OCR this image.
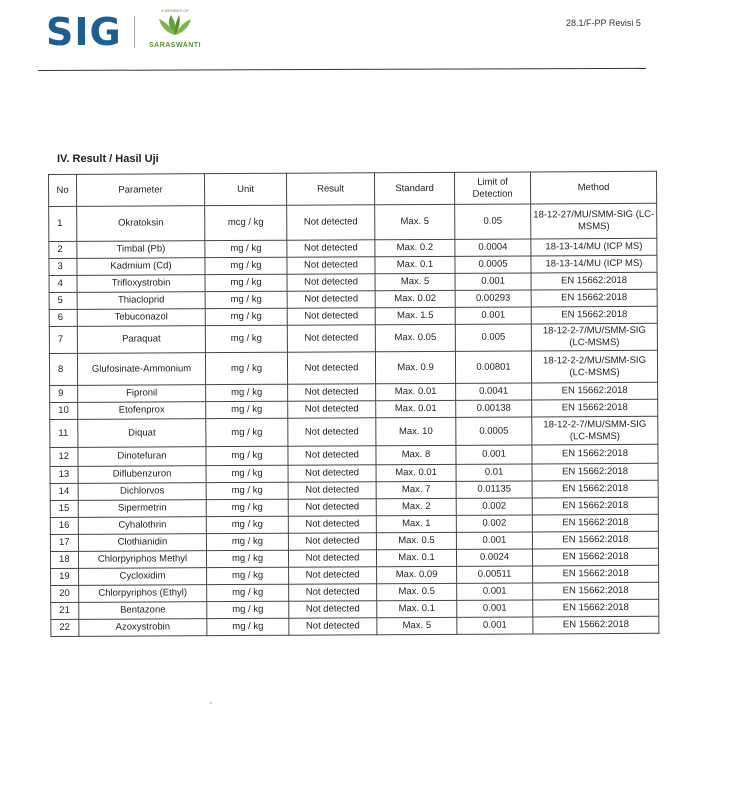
SIG	A MEMBER OF
SARASWANTI
28.1/F-PP Revisi 5
IV. Result / Hasil Uji
No	Parameter	Unit	Result	Standard	Limit of Detection	Method
1	Okratoksin	mcg / kg	Not detected	Max. 5	0.05	18-12-27/MU/SMM-SIG (LC-MSMS)
2	Timbal (Pb)	mg / kg	Not detected	Max. 0.2	0.0004	18-13-14/MU (ICP MS)
3	Kadmium (Cd)	mg / kg	Not detected	Max. 0.1	0.0005	18-13-14/MU (ICP MS)
4	Trifloxystrobin	mg / kg	Not detected	Max. 5	0.001	EN 15662:2018
5	Thiacloprid	mg / kg	Not detected	Max. 0.02	0.00293	EN 15662:2018
6	Tebuconazol	mg / kg	Not detected	Max. 1.5	0.001	EN 15662:2018
7	Paraquat	mg / kg	Not detected	Max. 0.05	0.005	18-12-2-7/MU/SMM-SIG (LC-MSMS)
8	Glufosinate-Ammonium	mg / kg	Not detected	Max. 0.9	0.00801	18-12-2-2/MU/SMM-SIG (LC-MSMS)
9	Fipronil	mg / kg	Not detected	Max. 0.01	0.0041	EN 15662:2018
10	Etofenprox	mg / kg	Not detected	Max. 0.01	0.00138	EN 15662:2018
11	Diquat	mg / kg	Not detected	Max. 10	0.0005	18-12-2-7/MU/SMM-SIG (LC-MSMS)
12	Dinotefuran	mg / kg	Not detected	Max. 8	0.001	EN 15662:2018
13	Diflubenzuron	mg / kg	Not detected	Max. 0.01	0.01	EN 15662:2018
14	Dichlorvos	mg / kg	Not detected	Max. 7	0.01135	EN 15662:2018
15	Sipermetrin	mg / kg	Not detected	Max. 2	0.002	EN 15662:2018
16	Cyhalothrin	mg / kg	Not detected	Max. 1	0.002	EN 15662:2018
17	Clothianidin	mg / kg	Not detected	Max. 0.5	0.001	EN 15662:2018
18	Chlorpyriphos Methyl	mg / kg	Not detected	Max. 0.1	0.0024	EN 15662:2018
19	Cycloxidim	mg / kg	Not detected	Max. 0.09	0.00511	EN 15662:2018
20	Chlorpyriphos (Ethyl)	mg / kg	Not detected	Max. 0.5	0.001	EN 15662:2018
21	Bentazone	mg / kg	Not detected	Max. 0.1	0.001	EN 15662:2018
22	Azoxystrobin	mg / kg	Not detected	Max. 5	0.001	EN 15662:2018
